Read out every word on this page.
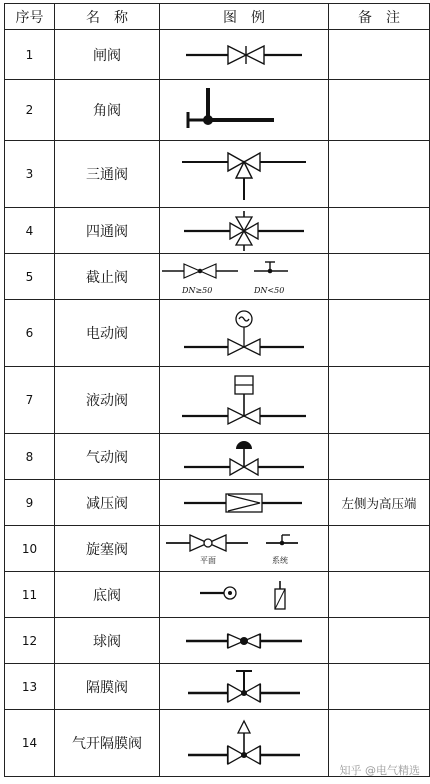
序号	名　称	图　例	备　注
1	闸阀	

2	角阀	

3	三通阀	

4	四通阀	

5	截止阀	DN≥50 DN<50	

6	电动阀	

7	液动阀	

8	气动阀	

9	减压阀		左侧为高压端
10	旋塞阀	平面 系统	

11	底阀	

12	球阀	

13	隔膜阀	

14	气开隔膜阀	

知乎 @电气精选
